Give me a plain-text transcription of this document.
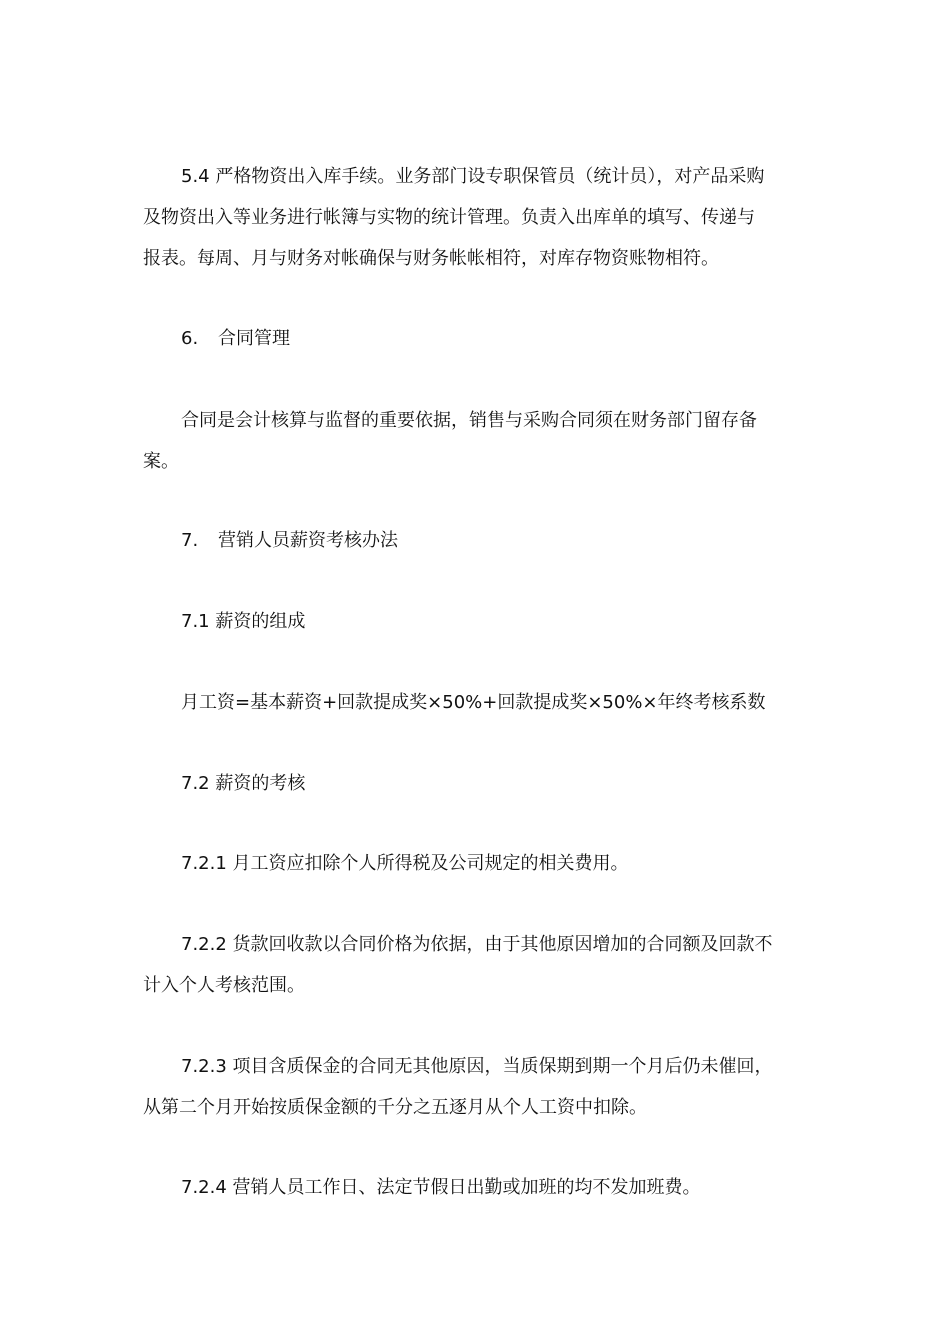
5.4 严格物资出入库手续。业务部门设专职保管员（统计员），对产品采购
及物资出入等业务进行帐簿与实物的统计管理。负责入出库单的填写、传递与
报表。每周、月与财务对帐确保与财务帐帐相符，对库存物资账物相符。
6. 合同管理
合同是会计核算与监督的重要依据，销售与采购合同须在财务部门留存备
案。
7. 营销人员薪资考核办法
7.1 薪资的组成
月工资=基本薪资+回款提成奖×50%+回款提成奖×50%×年终考核系数
7.2 薪资的考核
7.2.1 月工资应扣除个人所得税及公司规定的相关费用。
7.2.2 货款回收款以合同价格为依据，由于其他原因增加的合同额及回款不
计入个人考核范围。
7.2.3 项目含质保金的合同无其他原因，当质保期到期一个月后仍未催回，
从第二个月开始按质保金额的千分之五逐月从个人工资中扣除。
7.2.4 营销人员工作日、法定节假日出勤或加班的均不发加班费。
